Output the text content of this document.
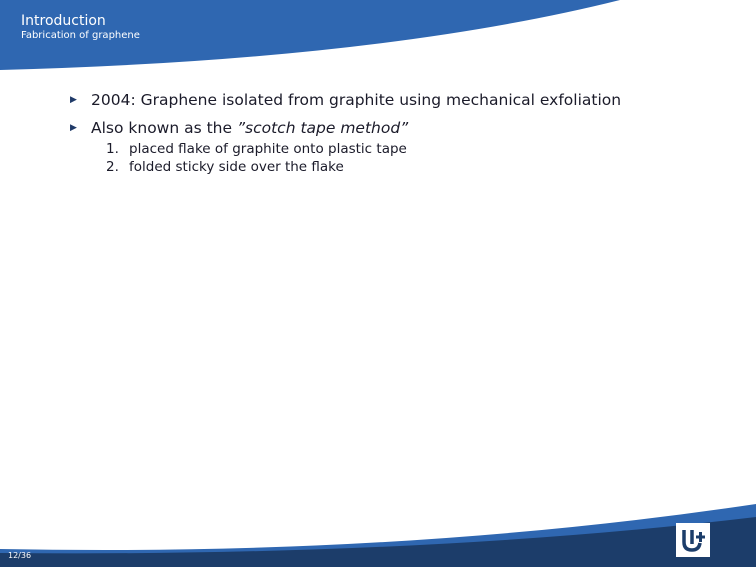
Introduction
Fabrication of graphene
▶ 2004: Graphene isolated from graphite using mechanical exfoliation
▶ Also known as the ”scotch tape method”
1. placed flake of graphite onto plastic tape
2. folded sticky side over the flake
12/36
